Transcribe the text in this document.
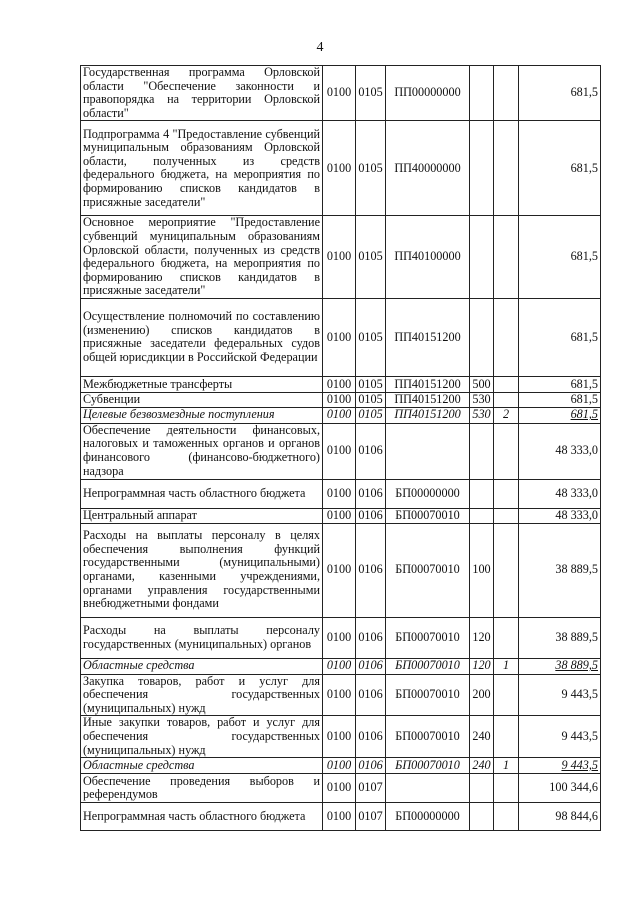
4
Государственная программа Орловской области "Обеспечение законности и правопорядка на территории Орловской области"	0100	0105	ПП00000000			681,5
Подпрограмма 4 "Предоставление субвенций муниципальным образованиям Орловской области, полученных из средств федерального бюджета, на мероприятия по формированию списков кандидатов в присяжные заседатели"	0100	0105	ПП40000000			681,5
Основное мероприятие "Предоставление субвенций муниципальным образованиям Орловской области, полученных из средств федерального бюджета, на мероприятия по формированию списков кандидатов в присяжные заседатели"	0100	0105	ПП40100000			681,5
Осуществление полномочий по составлению (изменению) списков кандидатов в присяжные заседатели федеральных судов общей юрисдикции в Российской Федерации	0100	0105	ПП40151200			681,5
Межбюджетные трансферты	0100	0105	ПП40151200	500		681,5
Субвенции	0100	0105	ПП40151200	530		681,5
Целевые безвозмездные поступления	0100	0105	ПП40151200	530	2	681,5
Обеспечение деятельности финансовых, налоговых и таможенных органов и органов финансового (финансово-бюджетного) надзора	0100	0106				48 333,0
Непрограммная часть областного бюджета	0100	0106	БП00000000			48 333,0
Центральный аппарат	0100	0106	БП00070010			48 333,0
Расходы на выплаты персоналу в целях обеспечения выполнения функций государственными (муниципальными) органами, казенными учреждениями, органами управления государственными внебюджетными фондами	0100	0106	БП00070010	100		38 889,5
Расходы на выплаты персоналу государственных (муниципальных) органов	0100	0106	БП00070010	120		38 889,5
Областные средства	0100	0106	БП00070010	120	1	38 889,5
Закупка товаров, работ и услуг для обеспечения государственных (муниципальных) нужд	0100	0106	БП00070010	200		9 443,5
Иные закупки товаров, работ и услуг для обеспечения государственных (муниципальных) нужд	0100	0106	БП00070010	240		9 443,5
Областные средства	0100	0106	БП00070010	240	1	9 443,5
Обеспечение проведения выборов и референдумов	0100	0107				100 344,6
Непрограммная часть областного бюджета	0100	0107	БП00000000			98 844,6
